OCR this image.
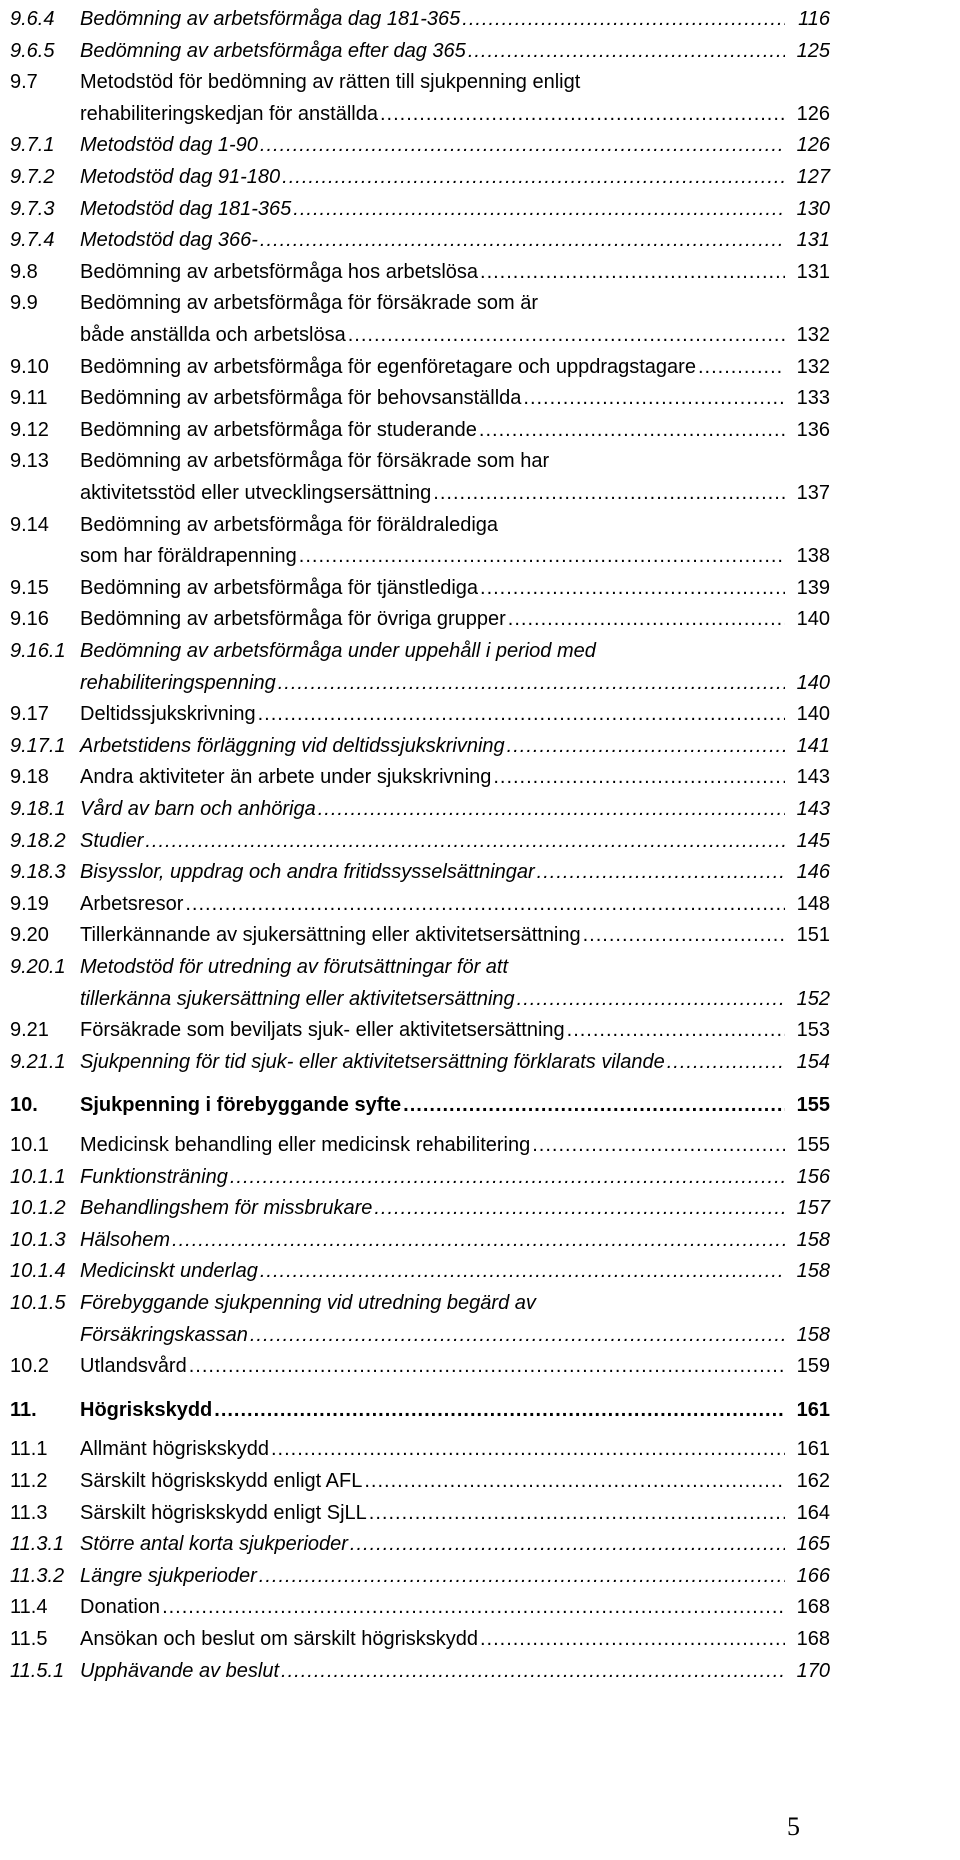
9.6.4 Bedömning av arbetsförmåga dag 181-365 .....	116
9.6.5 Bedömning av arbetsförmåga efter dag 365 .....	125
9.7 Metodstöd för bedömning av rätten till sjukpenning enligt
rehabiliteringskedjan för anställda .....	126
9.7.1 Metodstöd dag 1-90 .....	126
9.7.2 Metodstöd dag 91-180 .....	127
9.7.3 Metodstöd dag 181-365 .....	130
9.7.4 Metodstöd dag 366- .....	131
9.8 Bedömning av arbetsförmåga hos arbetslösa .....	131
9.9 Bedömning av arbetsförmåga för försäkrade som är
både anställda och arbetslösa .....	132
9.10 Bedömning av arbetsförmåga för egenföretagare och uppdragstagare .....	132
9.11 Bedömning av arbetsförmåga för behovsanställda .....	133
9.12 Bedömning av arbetsförmåga för studerande .....	136
9.13 Bedömning av arbetsförmåga för försäkrade som har
aktivitetsstöd eller utvecklingsersättning .....	137
9.14 Bedömning av arbetsförmåga för föräldralediga
som har föräldrapenning .....	138
9.15 Bedömning av arbetsförmåga för tjänstlediga .....	139
9.16 Bedömning av arbetsförmåga för övriga grupper .....	140
9.16.1 Bedömning av arbetsförmåga under uppehåll i period med
rehabiliteringspenning .....	140
9.17 Deltidssjukskrivning .....	140
9.17.1 Arbetstidens förläggning vid deltidssjukskrivning .....	141
9.18 Andra aktiviteter än arbete under sjukskrivning .....	143
9.18.1 Vård av barn och anhöriga .....	143
9.18.2 Studier .....	145
9.18.3 Bisysslor, uppdrag och andra fritidssysselsättningar .....	146
9.19 Arbetsresor .....	148
9.20 Tillerkännande av sjukersättning eller aktivitetsersättning .....	151
9.20.1 Metodstöd för utredning av förutsättningar för att
tillerkänna sjukersättning eller aktivitetsersättning .....	152
9.21 Försäkrade som beviljats sjuk- eller aktivitetsersättning .....	153
9.21.1 Sjukpenning för tid sjuk- eller aktivitetsersättning förklarats vilande .....	154
10. Sjukpenning i förebyggande syfte .....	155
10.1 Medicinsk behandling eller medicinsk rehabilitering .....	155
10.1.1 Funktionsträning .....	156
10.1.2 Behandlingshem för missbrukare .....	157
10.1.3 Hälsohem .....	158
10.1.4 Medicinskt underlag .....	158
10.1.5 Förebyggande sjukpenning vid utredning begärd av
Försäkringskassan .....	158
10.2 Utlandsvård .....	159
11. Högriskskydd .....	161
11.1 Allmänt högriskskydd .....	161
11.2 Särskilt högriskskydd enligt AFL .....	162
11.3 Särskilt högriskskydd enligt SjLL .....	164
11.3.1 Större antal korta sjukperioder .....	165
11.3.2 Längre sjukperioder .....	166
11.4 Donation .....	168
11.5 Ansökan och beslut om särskilt högriskskydd .....	168
11.5.1 Upphävande av beslut .....	170
5
